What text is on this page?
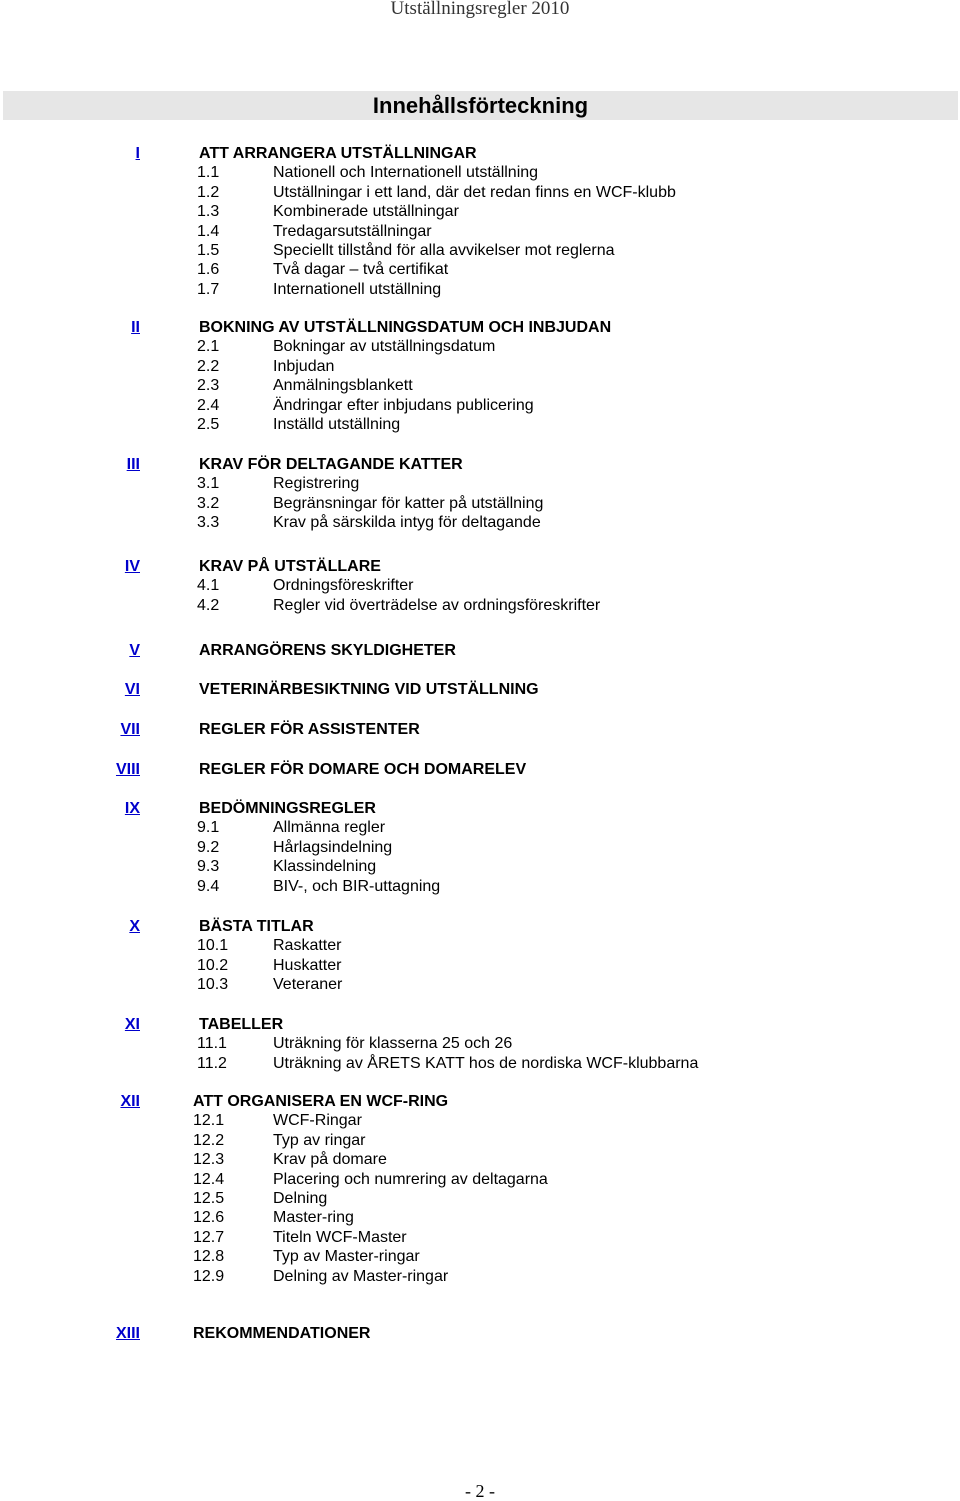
Utställningsregler 2010
Innehållsförteckning
I	ATT ARRANGERA UTSTÄLLNINGAR
1.1	Nationell och Internationell utställning
1.2	Utställningar i ett land, där det redan finns en WCF-klubb
1.3	Kombinerade utställningar
1.4	Tredagarsutställningar
1.5	Speciellt tillstånd för alla avvikelser mot reglerna
1.6	Två dagar – två certifikat
1.7	Internationell utställning
II	BOKNING AV UTSTÄLLNINGSDATUM OCH INBJUDAN
2.1	Bokningar av utställningsdatum
2.2	Inbjudan
2.3	Anmälningsblankett
2.4	Ändringar efter inbjudans publicering
2.5	Inställd utställning
III	KRAV FÖR DELTAGANDE KATTER
3.1	Registrering
3.2	Begränsningar för katter på utställning
3.3	Krav på särskilda intyg för deltagande
IV	KRAV PÅ UTSTÄLLARE
4.1	Ordningsföreskrifter
4.2	Regler vid överträdelse av ordningsföreskrifter
V	ARRANGÖRENS SKYLDIGHETER
VI	VETERINÄRBESIKTNING VID UTSTÄLLNING
VII	REGLER FÖR ASSISTENTER
VIII	REGLER FÖR DOMARE OCH DOMARELEV
IX	BEDÖMNINGSREGLER
9.1	Allmänna regler
9.2	Hårlagsindelning
9.3	Klassindelning
9.4	BIV-, och BIR-uttagning
X	BÄSTA TITLAR
10.1	Raskatter
10.2	Huskatter
10.3	Veteraner
XI	TABELLER
11.1	Uträkning för klasserna 25 och 26
11.2	Uträkning av ÅRETS KATT hos de nordiska WCF-klubbarna
XII	ATT ORGANISERA EN WCF-RING
12.1	WCF-Ringar
12.2	Typ av ringar
12.3	Krav på domare
12.4	Placering och numrering av deltagarna
12.5	Delning
12.6	Master-ring
12.7	Titeln WCF-Master
12.8	Typ av Master-ringar
12.9	Delning av Master-ringar
XIII	REKOMMENDATIONER
- 2 -
